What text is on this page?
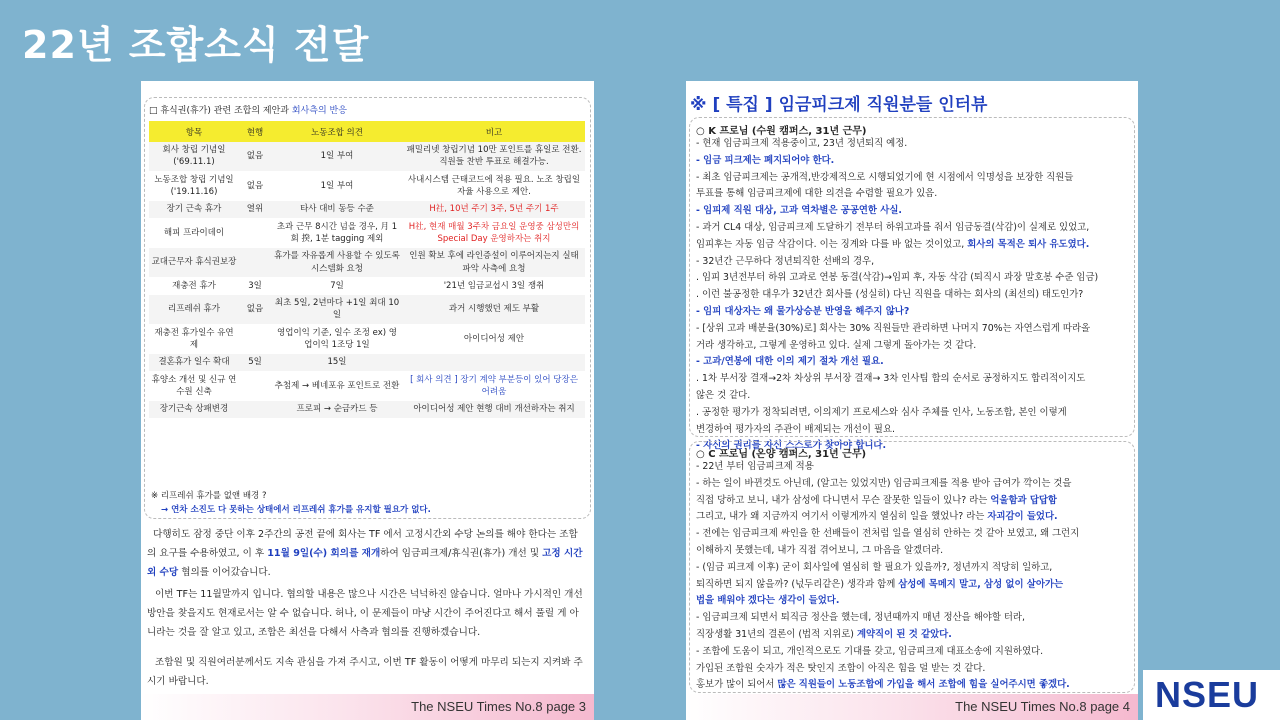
22년 조합소식 전달
□ 휴식권(휴가) 관련 조합의 제안과 회사측의 반응
항목	현행	노동조합 의견	비고
회사 창립 기념일 ('69.11.1)	없음	1일 부여	패밀리넷 창립기념 10만 포인트를 휴일로 전환. 직원들 찬반 투표로 해결가능.
노동조합 창립 기념일 ('19.11.16)	없음	1일 부여	사내시스템 근태코드에 적용 필요. 노조 창립일 자율 사용으로 제안.
장기 근속 휴가	열위	타사 대비 동등 수준	H社, 10년 주기 3주, 5년 주기 1주
해피 프라이데이		초과 근무 8시간 넘을 경우, 月 1회 揆, 1분 tagging 제외	H社, 현재 매월 3주차 금요일 운영중 삼성만의 Special Day 운영하자는 취지
교대근무자 휴식권보장		휴가를 자유롭게 사용할 수 있도록 시스템화 요청	인원 확보 후에 라인증설이 이루어지는지 실태 파악 사측에 요청
재충전 휴가	3일	7일	'21년 임금교섭시 3일 쟁취
리프레쉬 휴가	없음	최초 5일, 2년마다 +1일 최대 10일	과거 시행했던 제도 부활
재충전 휴가일수 유연제		영업이익 기준, 일수 조정 ex) 영업이익 1조당 1일	아이디어성 제안
결혼휴가 일수 확대	5일	15일	
휴양소 개선 및 신규 연수원 신축		추첨제 → 베네포유 포인트로 전환	[ 회사 의견 ] 장기 계약 부분등이 있어 당장은 어려움
장기근속 상패변경		프로피 → 순금카드 등	아이디어성 제안 현행 대비 개선하자는 취지
※ 리프레쉬 휴가를 없앤 배경 ?
→ 연차 소진도 다 못하는 상태에서 리프레쉬 휴가를 유지할 필요가 없다.
다행히도 잠정 중단 이후 2주간의 공전 끝에 회사는 TF 에서 고정시간외 수당 논의를 해야 한다는 조합의 요구를 수용하였고, 이 후 11월 9일(수) 회의를 재개하여 임금피크제/휴식권(휴가) 개선 및 고정 시간외 수당 협의를 이어갔습니다.
이번 TF는 11월말까지 입니다. 협의할 내용은 많으나 시간은 넉넉하진 않습니다. 얼마나 가시적인 개선방안을 찾을지도 현재로서는 알 수 없습니다. 허나, 이 문제들이 마냥 시간이 주어진다고 해서 풀릴 게 아니라는 것을 잘 알고 있고, 조합은 최선을 다해서 사측과 협의를 진행하겠습니다.
조합원 및 직원여러분께서도 지속 관심을 가져 주시고, 이번 TF 활동이 어떻게 마무리 되는지 지켜봐 주시기 바랍니다.
The NSEU Times No.8 page 3
※ [ 특집 ] 임금피크제 직원분들 인터뷰
○ K 프로님 (수원 캠퍼스, 31년 근무)
- 현재 임금피크제 적용중이고, 23년 정년퇴직 예정.
- 임금 피크제는 폐지되어야 한다.
- 최초 임금피크제는 공개적,반강제적으로 시행되었기에 현 시점에서 익명성을 보장한 직원들
투표를 통해 임금피크제에 대한 의견을 수렴할 필요가 있음.
- 임피제 직원 대상, 고과 역차별은 공공연한 사실.
- 과거 CL4 대상, 임금피크제 도달하기 전부터 하위고과를 줘서 임금동결(삭감)이 실제로 있었고,
임피후는 자동 임금 삭감이다. 이는 징계와 다를 바 없는 것이었고, 회사의 목적은 퇴사 유도였다.
- 32년간 근무하다 정년퇴직한 선배의 경우,
. 임피 3년전부터 하위 고과로 연봉 동결(삭감)→임피 후, 자동 삭감 (퇴직시 과장 말호봉 수준 임금)
. 이런 불공정한 대우가 32년간 회사를 (성실히) 다닌 직원을 대하는 회사의 (최선의) 태도인가?
- 임피 대상자는 왜 물가상승분 반영을 해주지 않나?
- [상위 고과 배분율(30%)로] 회사는 30% 직원들만 관리하면 나머지 70%는 자연스럽게 따라올
거라 생각하고, 그렇게 운영하고 있다. 실제 그렇게 돌아가는 것 같다.
- 고과/연봉에 대한 이의 제기 절차 개선 필요.
. 1차 부서장 결재→2차 차상위 부서장 결재→ 3차 인사팀 합의 순서로 공정하지도 합리적이지도
않은 것 같다.
. 공정한 평가가 정착되려면, 이의제기 프로세스와 심사 주체를 인사, 노동조합, 본인 이렇게
변경하여 평가자의 주관이 배제되는 개선이 필요.
- 자신의 권리를 자신 스스로가 찾아야 합니다.
○ C 프로님 (온양 캠퍼스, 31년 근무)
- 22년 부터 임금피크제 적용
- 하는 일이 바뀐것도 아닌데, (알고는 있었지만) 임금피크제를 적용 받아 급여가 깍이는 것을
직접 당하고 보니, 내가 삼성에 다니면서 무슨 잘못한 일들이 있나? 라는 억울함과 답답함
그리고, 내가 왜 지금까지 여기서 이렇게까지 열심히 일을 했었나? 라는 자괴감이 들었다.
- 전에는 임금피크제 싸인을 한 선배들이 전처럼 일을 열심히 안하는 것 같아 보였고, 왜 그런지
이해하지 못했는데, 내가 직접 겪어보니, 그 마음을 알겠더라.
- (임금 피크제 이후) 굳이 회사일에 열심히 할 필요가 있을까?, 정년까지 적당히 일하고,
퇴직하면 되지 않을까? (넋두리같은) 생각과 함께 삼성에 목메지 말고, 삼성 없이 살아가는
법을 배워야 겠다는 생각이 들었다.
- 임금피크제 되면서 퇴직금 정산을 했는데, 정년때까지 매년 정산을 해야할 터라,
직장생활 31년의 결론이 (법적 지위로) 계약직이 된 것 같았다.
- 조합에 도움이 되고, 개인적으로도 기대를 갖고, 임금피크제 대표소송에 지원하였다.
가입된 조합원 숫자가 적은 탓인지 조합이 아직은 힘을 덜 받는 것 같다.
홍보가 많이 되어서 많은 직원들이 노동조합에 가입을 해서 조합에 힘을 실어주시면 좋겠다.
The NSEU Times No.8 page 4 NSEU
